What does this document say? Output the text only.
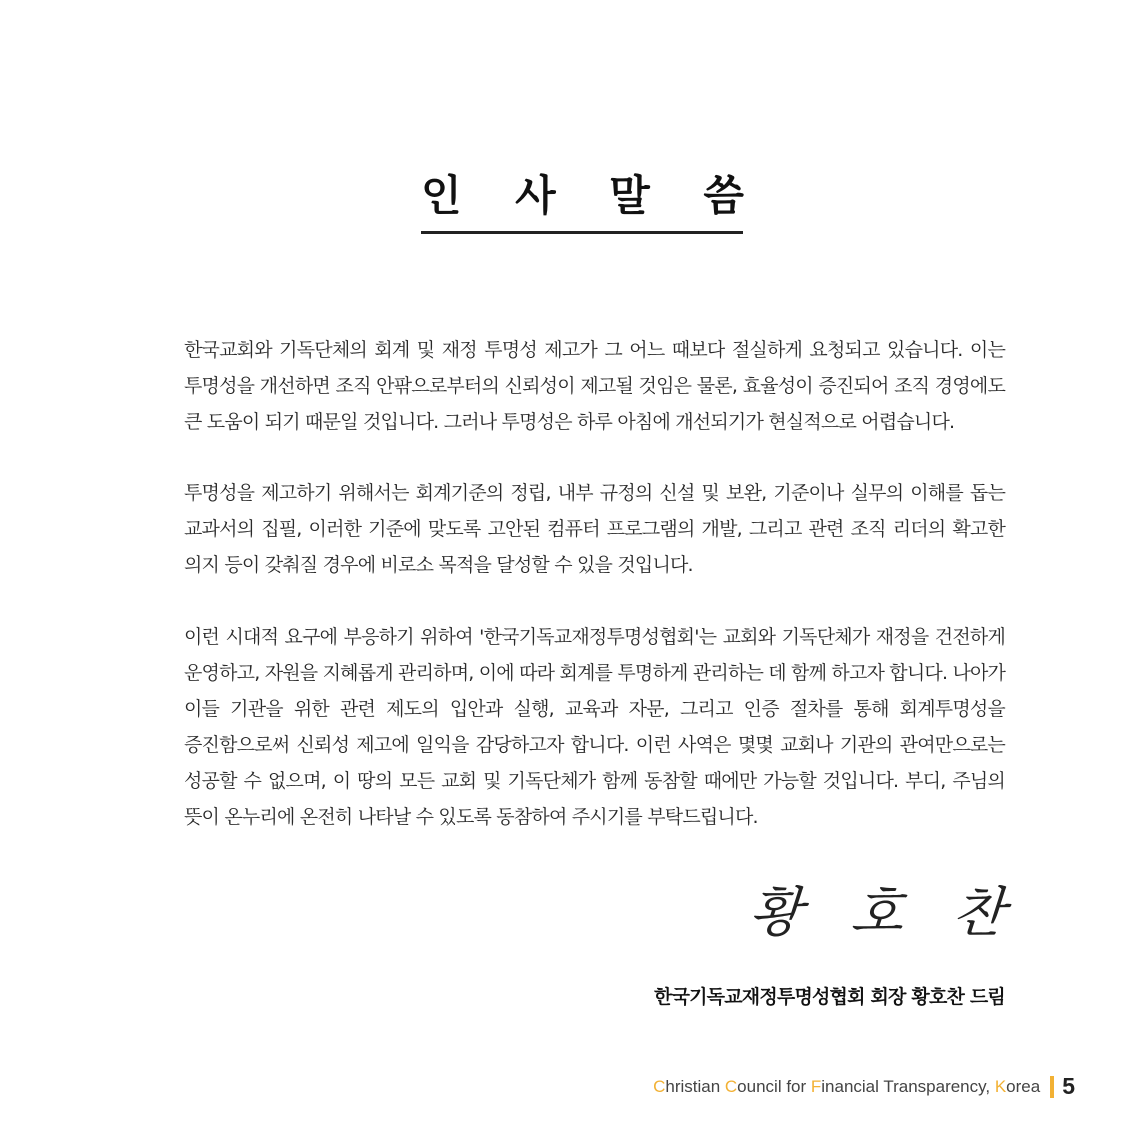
인 사 말 씀
한국교회와 기독단체의 회계 및 재정 투명성 제고가 그 어느 때보다 절실하게 요청되고 있습니다. 이는
투명성을 개선하면 조직 안팎으로부터의 신뢰성이 제고될 것임은 물론, 효율성이 증진되어 조직 경영에도
큰 도움이 되기 때문일 것입니다. 그러나 투명성은 하루 아침에 개선되기가 현실적으로 어렵습니다.
투명성을 제고하기 위해서는 회계기준의 정립, 내부 규정의 신설 및 보완, 기준이나 실무의 이해를 돕는
교과서의 집필, 이러한 기준에 맞도록 고안된 컴퓨터 프로그램의 개발, 그리고 관련 조직 리더의 확고한
의지 등이 갖춰질 경우에 비로소 목적을 달성할 수 있을 것입니다.
이런 시대적 요구에 부응하기 위하여 '한국기독교재정투명성협회'는 교회와 기독단체가 재정을 건전하게
운영하고, 자원을 지혜롭게 관리하며, 이에 따라 회계를 투명하게 관리하는 데 함께 하고자 합니다. 나아가
이들 기관을 위한 관련 제도의 입안과 실행, 교육과 자문, 그리고 인증 절차를 통해 회계투명성을
증진함으로써 신뢰성 제고에 일익을 감당하고자 합니다. 이런 사역은 몇몇 교회나 기관의 관여만으로는
성공할 수 없으며, 이 땅의 모든 교회 및 기독단체가 함께 동참할 때에만 가능할 것입니다. 부디, 주님의
뜻이 온누리에 온전히 나타날 수 있도록 동참하여 주시기를 부탁드립니다.
황 호 찬
한국기독교재정투명성협회 회장 황호찬 드림
Christian Council for Financial Transparency, Korea 5
